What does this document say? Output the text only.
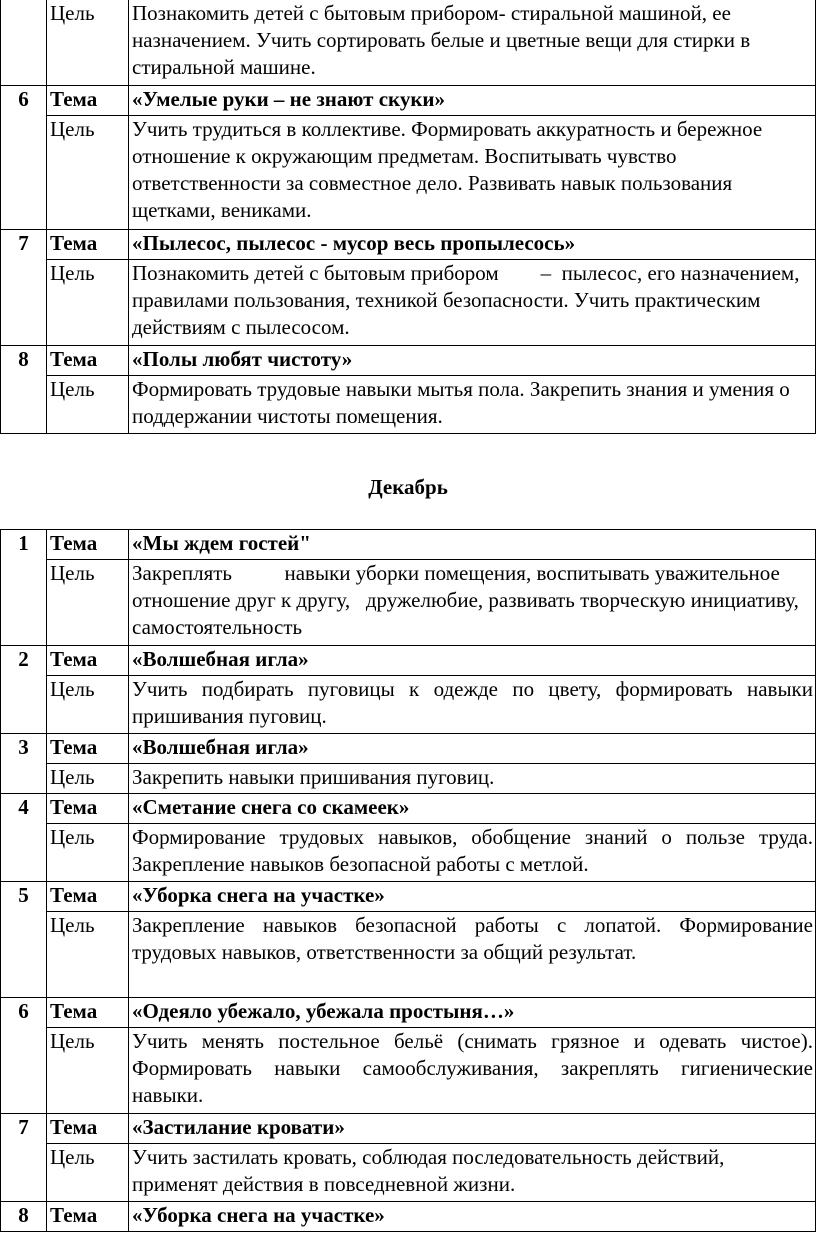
	Цель	Познакомить детей с бытовым прибором- стиральной машиной, ее назначением. Учить сортировать белые и цветные вещи для стирки в стиральной машине.
6	Тема	«Умелые руки – не знают скуки»
	Цель	Учить трудиться в коллективе. Формировать аккуратность и бережное отношение к окружающим предметам. Воспитывать чувство ответственности за совместное дело. Развивать навык пользования щетками, вениками.
7	Тема	«Пылесос, пылесос - мусор весь пропылесось»
	Цель	Познакомить детей с бытовым прибором        –  пылесос, его назначением, правилами пользования, техникой безопасности. Учить практическим действиям с пылесосом.
8	Тема	«Полы любят чистоту»
	Цель	Формировать трудовые навыки мытья пола. Закрепить знания и умения о поддержании чистоты помещения.
Декабрь
1	Тема	«Мы ждем гостей"
	Цель	Закреплять          навыки уборки помещения, воспитывать уважительное отношение друг к другу,   дружелюбие, развивать творческую инициативу, самостоятельность
2	Тема	«Волшебная игла»
	Цель	Учить подбирать пуговицы к одежде по цвету, формировать навыки пришивания пуговиц.
3	Тема	«Волшебная игла»
	Цель	Закрепить навыки пришивания пуговиц.
4	Тема	«Сметание снега со скамеек»
	Цель	Формирование трудовых навыков, обобщение знаний о пользе труда. Закрепление навыков безопасной работы с метлой.
5	Тема	«Уборка снега на участке»
	Цель	Закрепление навыков безопасной работы с лопатой. Формирование трудовых навыков, ответственности за общий результат.
6	Тема	«Одеяло убежало, убежала простыня…»
	Цель	Учить менять постельное бельё (снимать грязное и одевать чистое). Формировать навыки самообслуживания, закреплять гигиенические навыки.
7	Тема	«Застилание кровати»
	Цель	Учить застилать кровать, соблюдая последовательность действий, применят действия в повседневной жизни.
8	Тема	«Уборка снега на участке»
